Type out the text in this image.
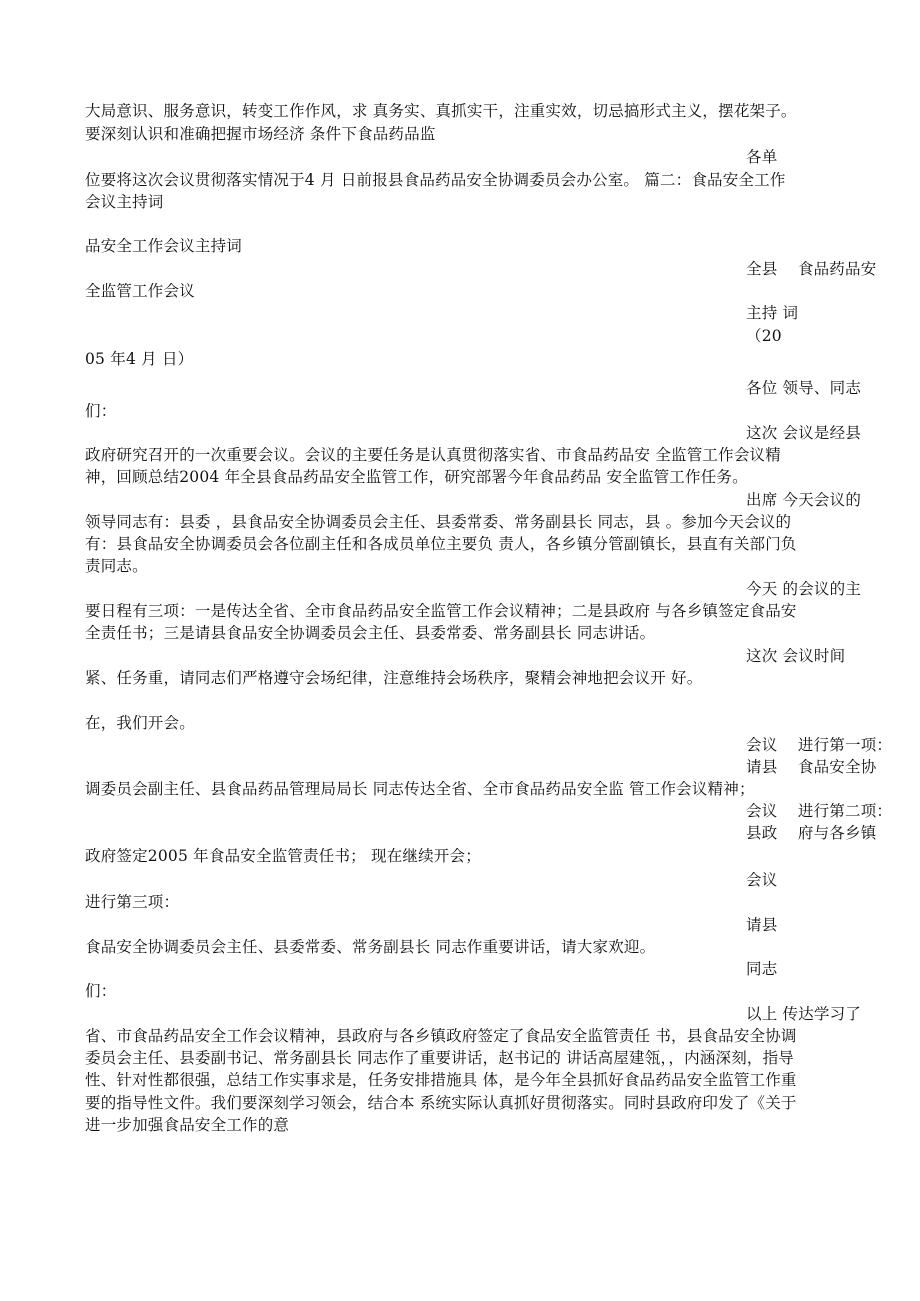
大局意识、服务意识，转变工作作风，求 真务实、真抓实干，注重实效，切忌搞形式主义，摆花架子。
要深刻认识和准确把握市场经济 条件下食品药品监
各单
位要将这次会议贯彻落实情况于4 月 日前报县食品药品安全协调委员会办公室。 篇二：食品安全工作
会议主持词
品安全工作会议主持词
全县    食品药品安
全监管工作会议
主持 词
（20
05 年4 月 日）
各位 领导、同志
们：
这次 会议是经县
政府研究召开的一次重要会议。会议的主要任务是认真贯彻落实省、市食品药品安 全监管工作会议精
神，回顾总结2004 年全县食品药品安全监管工作，研究部署今年食品药品 安全监管工作任务。
出席 今天会议的
领导同志有：县委 ，县食品安全协调委员会主任、县委常委、常务副县长 同志，县 。参加今天会议的
有：县食品安全协调委员会各位副主任和各成员单位主要负 责人，各乡镇分管副镇长，县直有关部门负
责同志。
今天 的会议的主
要日程有三项：一是传达全省、全市食品药品安全监管工作会议精神；二是县政府 与各乡镇签定食品安
全责任书；三是请县食品安全协调委员会主任、县委常委、常务副县长 同志讲话。
这次 会议时间
紧、任务重，请同志们严格遵守会场纪律，注意维持会场秩序，聚精会神地把会议开 好。
在，我们开会。
会议    进行第一项：
请县    食品安全协
调委员会副主任、县食品药品管理局局长 同志传达全省、全市食品药品安全监 管工作会议精神；
会议    进行第二项：
县政    府与各乡镇
政府签定2005 年食品安全监管责任书； 现在继续开会；
会议
进行第三项：
请县
食品安全协调委员会主任、县委常委、常务副县长 同志作重要讲话，请大家欢迎。
同志
们：
以上 传达学习了
省、市食品药品安全工作会议精神，县政府与各乡镇政府签定了食品安全监管责任 书，县食品安全协调
委员会主任、县委副书记、常务副县长 同志作了重要讲话，赵书记的 讲话高屋建瓴，，内涵深刻，指导
性、针对性都很强，总结工作实事求是，任务安排措施具 体，是今年全县抓好食品药品安全监管工作重
要的指导性文件。我们要深刻学习领会，结合本 系统实际认真抓好贯彻落实。同时县政府印发了《关于
进一步加强食品安全工作的意
